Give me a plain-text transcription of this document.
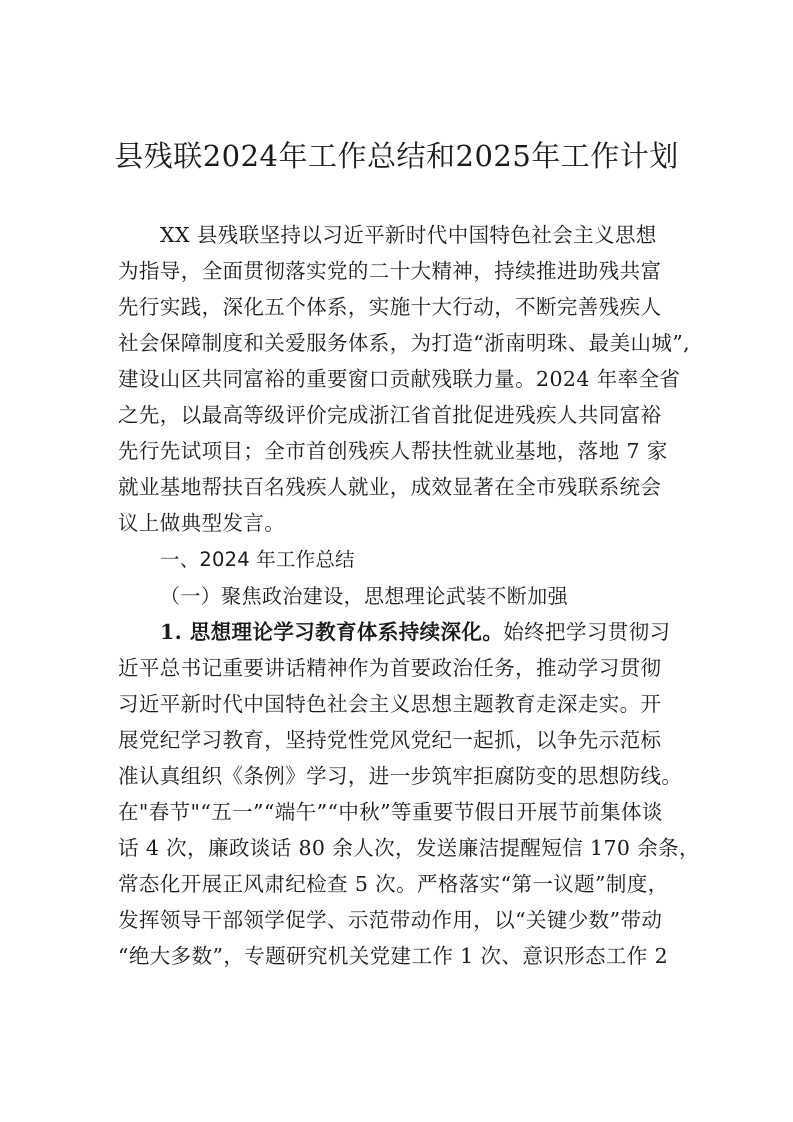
县残联2024年工作总结和2025年工作计划
XX 县残联坚持以习近平新时代中国特色社会主义思想
为指导，全面贯彻落实党的二十大精神，持续推进助残共富
先行实践，深化五个体系，实施十大行动，不断完善残疾人
社会保障制度和关爱服务体系，为打造“浙南明珠、最美山城”,
建设山区共同富裕的重要窗口贡献残联力量。2024 年率全省
之先，以最高等级评价完成浙江省首批促进残疾人共同富裕
先行先试项目；全市首创残疾人帮扶性就业基地，落地 7 家
就业基地帮扶百名残疾人就业，成效显著在全市残联系统会
议上做典型发言。
一、2024 年工作总结
（一）聚焦政治建设，思想理论武装不断加强
1. 思想理论学习教育体系持续深化。始终把学习贯彻习
近平总书记重要讲话精神作为首要政治任务，推动学习贯彻
习近平新时代中国特色社会主义思想主题教育走深走实。开
展党纪学习教育，坚持党性党风党纪一起抓，以争先示范标
准认真组织《条例》学习，进一步筑牢拒腐防变的思想防线。
在"春节"“五一”“端午”“中秋”等重要节假日开展节前集体谈
话 4 次，廉政谈话 80 余人次，发送廉洁提醒短信 170 余条，
常态化开展正风肃纪检查 5 次。严格落实“第一议题”制度，
发挥领导干部领学促学、示范带动作用，以“关键少数”带动
“绝大多数”，专题研究机关党建工作 1 次、意识形态工作 2
